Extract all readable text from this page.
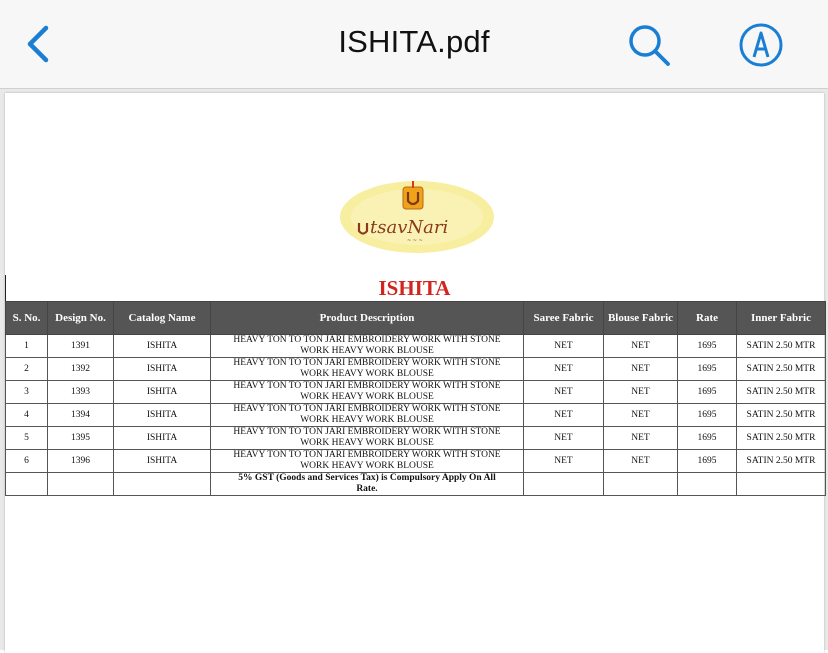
ISHITA.pdf
tsavNari
~ ~ ~
ISHITA
S. No.	Design No.	Catalog Name	Product Description	Saree Fabric	Blouse Fabric	Rate	Inner Fabric
1	1391	ISHITA	HEAVY TON TO TON JARI EMBROIDERY WORK WITH STONE
WORK HEAVY WORK BLOUSE	NET	NET	1695	SATIN 2.50 MTR
2	1392	ISHITA	HEAVY TON TO TON JARI EMBROIDERY WORK WITH STONE
WORK HEAVY WORK BLOUSE	NET	NET	1695	SATIN 2.50 MTR
3	1393	ISHITA	HEAVY TON TO TON JARI EMBROIDERY WORK WITH STONE
WORK HEAVY WORK BLOUSE	NET	NET	1695	SATIN 2.50 MTR
4	1394	ISHITA	HEAVY TON TO TON JARI EMBROIDERY WORK WITH STONE
WORK HEAVY WORK BLOUSE	NET	NET	1695	SATIN 2.50 MTR
5	1395	ISHITA	HEAVY TON TO TON JARI EMBROIDERY WORK WITH STONE
WORK HEAVY WORK BLOUSE	NET	NET	1695	SATIN 2.50 MTR
6	1396	ISHITA	HEAVY TON TO TON JARI EMBROIDERY WORK WITH STONE
WORK HEAVY WORK BLOUSE	NET	NET	1695	SATIN 2.50 MTR
			5% GST (Goods and Services Tax) is Compulsory Apply On All
Rate.				
